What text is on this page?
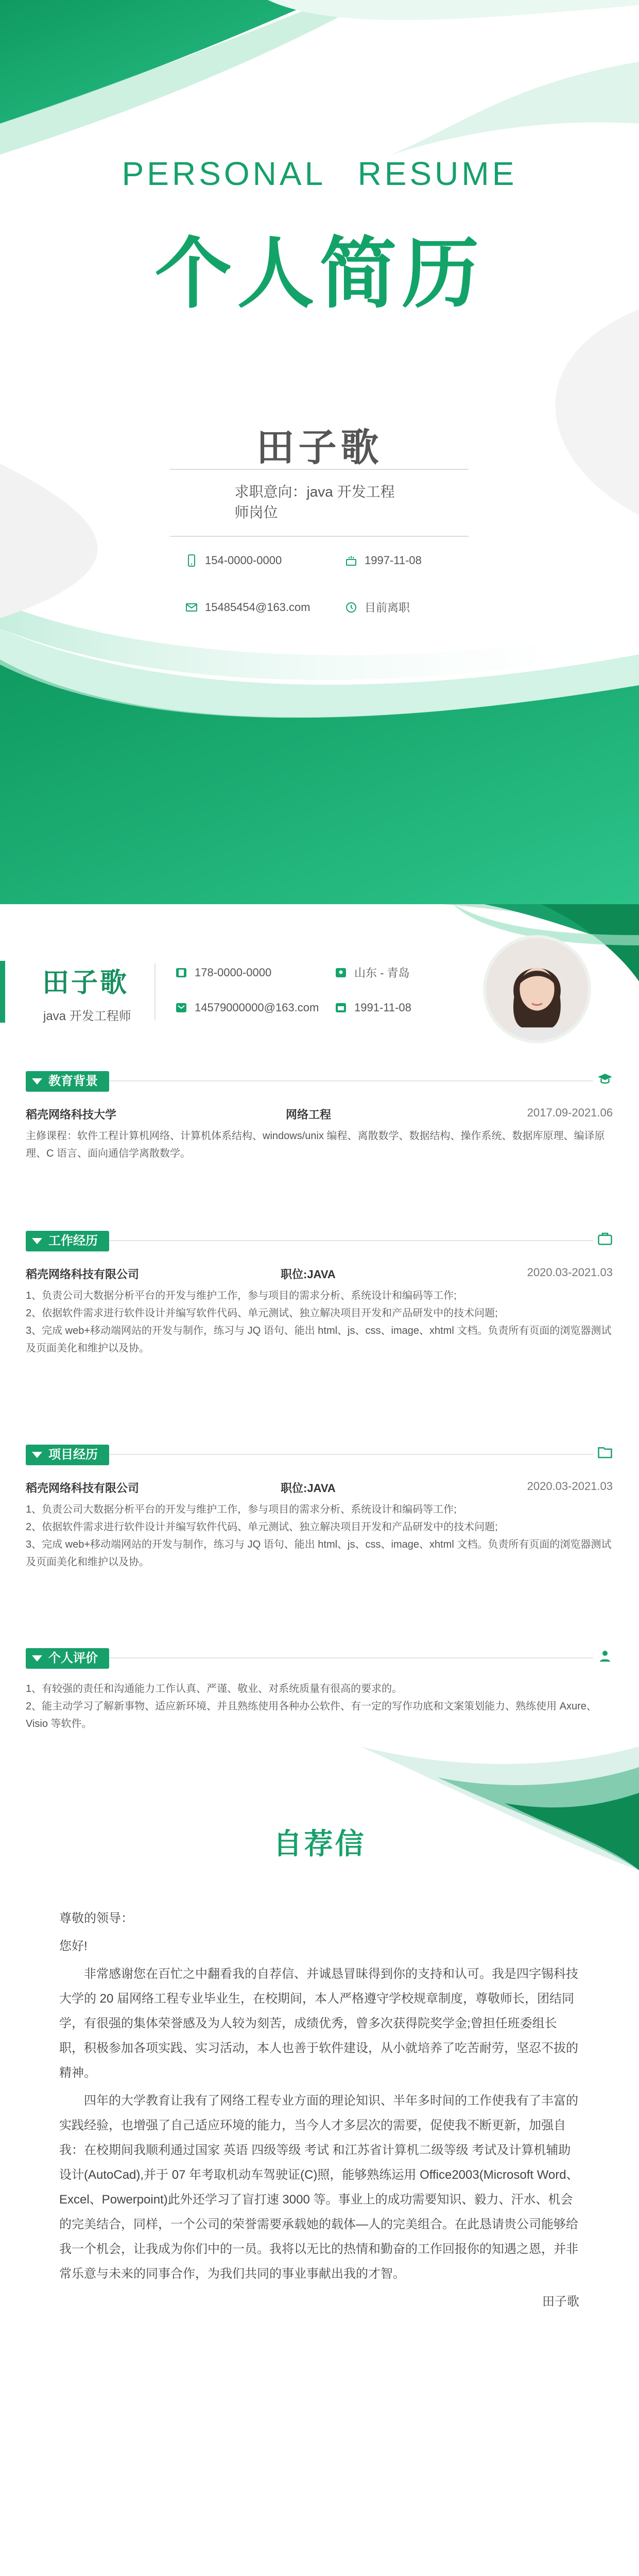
PERSONAL RESUME
个人简历
田子歌
求职意向：java 开发工程师岗位
154-0000-0000	1997-11-08
15485454@163.com	目前离职
田子歌
java 开发工程师
178-0000-0000	山东 - 青岛
14579000000@163.com	1991-11-08
教育背景
稻壳网络科技大学	网络工程	2017.09-2021.06
主修课程：软件工程计算机网络、计算机体系结构、windows/unix 编程、离散数学、数据结构、操作系统、数据库原理、编译原理、C 语言、面向通信学离散数学。
工作经历
稻壳网络科技有限公司	职位:JAVA	2020.03-2021.03
1、负责公司大数据分析平台的开发与维护工作，参与项目的需求分析、系统设计和编码等工作;
2、依据软件需求进行软件设计并编写软件代码、单元测试、独立解决项目开发和产品研发中的技术问题;
3、完成 web+移动端网站的开发与制作，练习与 JQ 语句、能出 html、js、css、image、xhtml 文档。负责所有页面的浏览器测试及页面美化和维护以及协。
项目经历
稻壳网络科技有限公司	职位:JAVA	2020.03-2021.03
1、负责公司大数据分析平台的开发与维护工作，参与项目的需求分析、系统设计和编码等工作;
2、依据软件需求进行软件设计并编写软件代码、单元测试、独立解决项目开发和产品研发中的技术问题;
3、完成 web+移动端网站的开发与制作，练习与 JQ 语句、能出 html、js、css、image、xhtml 文档。负责所有页面的浏览器测试及页面美化和维护以及协。
个人评价
1、有较强的责任和沟通能力工作认真、严谨、敬业、对系统质量有很高的要求的。
2、能主动学习了解新事物、适应新环境、并且熟练使用各种办公软件、有一定的写作功底和文案策划能力、熟练使用 Axure、Visio 等软件。
自荐信

尊敬的领导：

您好!

非常感谢您在百忙之中翻看我的自荐信、并诚恳冒昧得到你的支持和认可。我是四字锡科技大学的 20 届网络工程专业毕业生，在校期间，本人严格遵守学校规章制度，尊敬师长，团结同学，有很强的集体荣誉感及为人较为刻苦，成绩优秀，曾多次获得院奖学金;曾担任班委组长职，积极参加各项实践、实习活动，本人也善于软件建设，从小就培养了吃苦耐劳，坚忍不拔的精神。

四年的大学教育让我有了网络工程专业方面的理论知识、半年多时间的工作使我有了丰富的实践经验，也增强了自己适应环境的能力，当今人才多层次的需要，促使我不断更新，加强自我：在校期间我顺利通过国家 英语 四级等级 考试 和江苏省计算机二级等级 考试及计算机辅助设计(AutoCad),并于 07 年考取机动车驾驶证(C)照，能够熟练运用 Office2003(Microsoft Word、Excel、Powerpoint)此外还学习了盲打速 3000 等。事业上的成功需要知识、毅力、汗水、机会的完美结合，同样，一个公司的荣誉需要承载她的载体—人的完美组合。在此恳请贵公司能够给我一个机会，让我成为你们中的一员。我将以无比的热情和勤奋的工作回报你的知遇之恩，并非常乐意与未来的同事合作，为我们共同的事业事献出我的才智。

田子歌
